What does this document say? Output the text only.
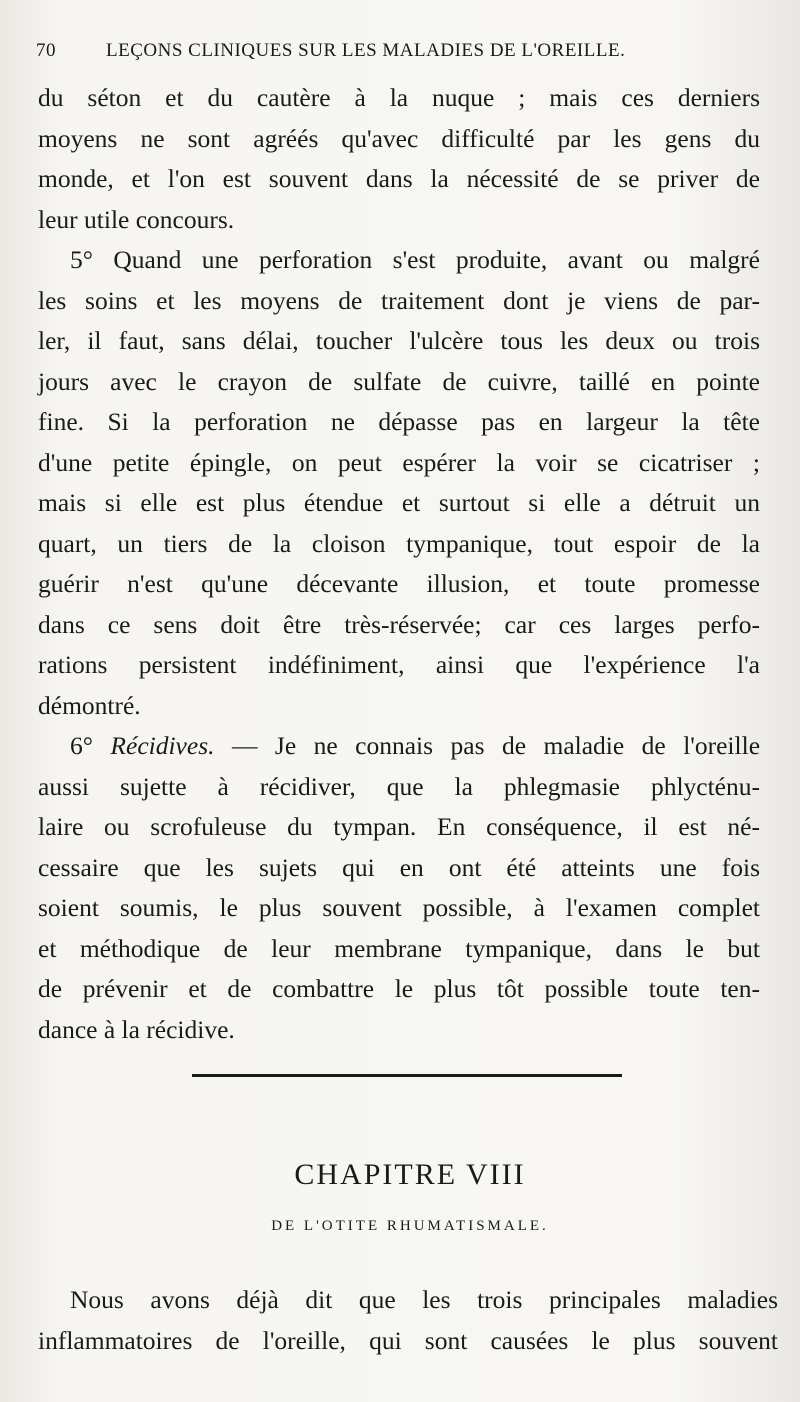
70	LEÇONS CLINIQUES SUR LES MALADIES DE L'OREILLE.
du séton et du cautère à la nuque ; mais ces derniers
moyens ne sont agréés qu'avec difficulté par les gens du
monde, et l'on est souvent dans la nécessité de se priver de
leur utile concours.
5° Quand une perforation s'est produite, avant ou malgré
les soins et les moyens de traitement dont je viens de par-
ler, il faut, sans délai, toucher l'ulcère tous les deux ou trois
jours avec le crayon de sulfate de cuivre, taillé en pointe
fine. Si la perforation ne dépasse pas en largeur la tête
d'une petite épingle, on peut espérer la voir se cicatriser ;
mais si elle est plus étendue et surtout si elle a détruit un
quart, un tiers de la cloison tympanique, tout espoir de la
guérir n'est qu'une décevante illusion, et toute promesse
dans ce sens doit être très-réservée; car ces larges perfo-
rations persistent indéfiniment, ainsi que l'expérience l'a
démontré.
6° Récidives. — Je ne connais pas de maladie de l'oreille
aussi sujette à récidiver, que la phlegmasie phlycténu-
laire ou scrofuleuse du tympan. En conséquence, il est né-
cessaire que les sujets qui en ont été atteints une fois
soient soumis, le plus souvent possible, à l'examen complet
et méthodique de leur membrane tympanique, dans le but
de prévenir et de combattre le plus tôt possible toute ten-
dance à la récidive.
CHAPITRE VIII
DE L'OTITE RHUMATISMALE.
Nous avons déjà dit que les trois principales maladies
inflammatoires de l'oreille, qui sont causées le plus souvent
